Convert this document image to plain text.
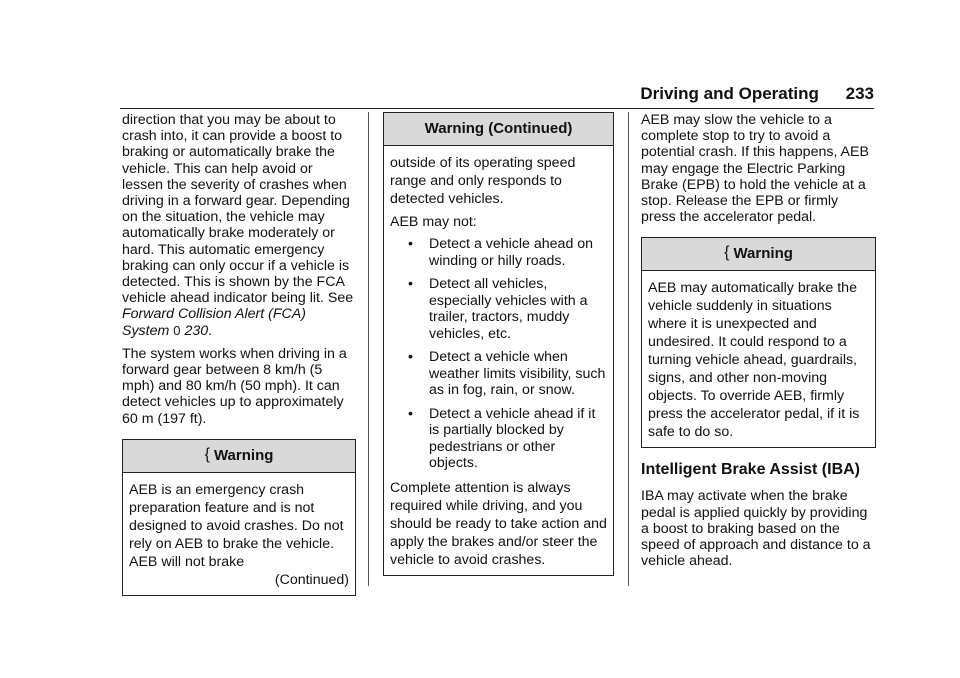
Driving and Operating 233

direction that you may be about to crash into, it can provide a boost to braking or automatically brake the vehicle. This can help avoid or lessen the severity of crashes when driving in a forward gear. Depending on the situation, the vehicle may automatically brake moderately or hard. This automatic emergency braking can only occur if a vehicle is detected. This is shown by the FCA vehicle ahead indicator being lit. See Forward Collision Alert (FCA) System 0 230.

The system works when driving in a forward gear between 8 km/h (5 mph) and 80 km/h (50 mph). It can detect vehicles up to approximately 60 m (197 ft).

{ Warning
AEB is an emergency crash preparation feature and is not designed to avoid crashes. Do not rely on AEB to brake the vehicle. AEB will not brake
(Continued)
Warning (Continued)

outside of its operating speed range and only responds to detected vehicles.

AEB may not:

• Detect a vehicle ahead on winding or hilly roads.
• Detect all vehicles, especially vehicles with a trailer, tractors, muddy vehicles, etc.
• Detect a vehicle when weather limits visibility, such as in fog, rain, or snow.
• Detect a vehicle ahead if it is partially blocked by pedestrians or other objects.

Complete attention is always required while driving, and you should be ready to take action and apply the brakes and/or steer the vehicle to avoid crashes.

AEB may slow the vehicle to a complete stop to try to avoid a potential crash. If this happens, AEB may engage the Electric Parking Brake (EPB) to hold the vehicle at a stop. Release the EPB or firmly press the accelerator pedal.

{ Warning
AEB may automatically brake the vehicle suddenly in situations where it is unexpected and undesired. It could respond to a turning vehicle ahead, guardrails, signs, and other non-moving objects. To override AEB, firmly press the accelerator pedal, if it is safe to do so.
Intelligent Brake Assist (IBA)

IBA may activate when the brake pedal is applied quickly by providing a boost to braking based on the speed of approach and distance to a vehicle ahead.
